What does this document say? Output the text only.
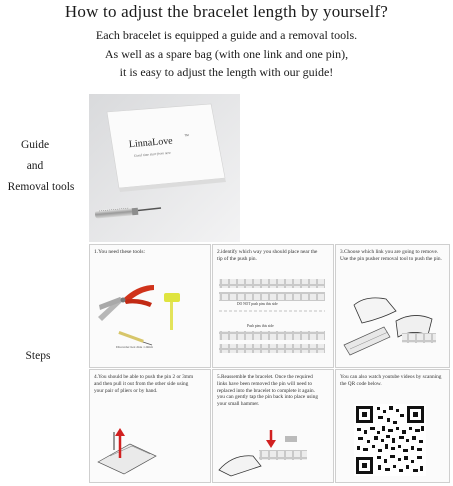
How to adjust the bracelet length by yourself?
Each bracelet is equipped a guide and a removal tools.
As well as a spare bag (with one link and one pin),
it is easy to adjust the length with our guide!
Guide
and
Removal tools
Steps
LinnaLove
TM
Good time start from now
1.You need these tools:
Discarder hex disk 1.0mm
2.identify which way you should place near the tip of the push pin.
DO NOT push pins this side
Push pins this side
3.Choose which link you are going to remove. Use the pin pusher removal tool to push the pin.
4.You should be able to push the pin 2 or 3mm and then pull it out from the other side using your pair of pliers or by hand.
5.Reassemble the bracelet. Once the required links have been removed the pin will need to replaced into the bracelet to complete it again. you can gently tap the pin back into place using your small hammer.
You can also watch youtube videos by scanning the QR code below.
